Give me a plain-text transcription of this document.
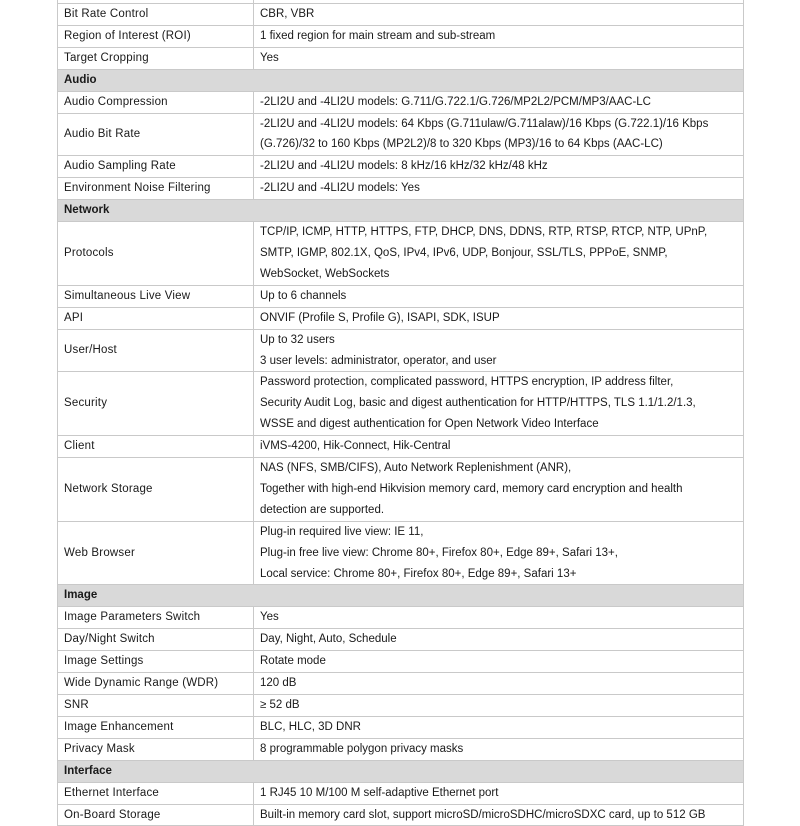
Bit Rate Control	CBR, VBR

Region of Interest (ROI)	1 fixed region for main stream and sub-stream

Target Cropping	Yes

Audio	
Audio Compression	-2LI2U and -4LI2U models: G.711/G.722.1/G.726/MP2L2/PCM/MP3/AAC-LC

Audio Bit Rate	-2LI2U and -4LI2U models: 64 Kbps (G.711ulaw/G.711alaw)/16 Kbps (G.722.1)/16 Kbps
(G.726)/32 to 160 Kbps (MP2L2)/8 to 320 Kbps (MP3)/16 to 64 Kbps (AAC-LC)

Audio Sampling Rate	-2LI2U and -4LI2U models: 8 kHz/16 kHz/32 kHz/48 kHz

Environment Noise Filtering	-2LI2U and -4LI2U models: Yes

Network	
Protocols	TCP/IP, ICMP, HTTP, HTTPS, FTP, DHCP, DNS, DDNS, RTP, RTSP, RTCP, NTP, UPnP,
SMTP, IGMP, 802.1X, QoS, IPv4, IPv6, UDP, Bonjour, SSL/TLS, PPPoE, SNMP,
WebSocket, WebSockets

Simultaneous Live View	Up to 6 channels

API	ONVIF (Profile S, Profile G), ISAPI, SDK, ISUP

User/Host	Up to 32 users
3 user levels: administrator, operator, and user

Security	Password protection, complicated password, HTTPS encryption, IP address filter,
Security Audit Log, basic and digest authentication for HTTP/HTTPS, TLS 1.1/1.2/1.3,
WSSE and digest authentication for Open Network Video Interface

Client	iVMS-4200, Hik-Connect, Hik-Central

Network Storage	NAS (NFS, SMB/CIFS), Auto Network Replenishment (ANR),
Together with high-end Hikvision memory card, memory card encryption and health
detection are supported.

Web Browser	Plug-in required live view: IE 11,
Plug-in free live view: Chrome 80+, Firefox 80+, Edge 89+, Safari 13+,
Local service: Chrome 80+, Firefox 80+, Edge 89+, Safari 13+

Image	
Image Parameters Switch	Yes

Day/Night Switch	Day, Night, Auto, Schedule

Image Settings	Rotate mode

Wide Dynamic Range (WDR)	120 dB

SNR	≥ 52 dB

Image Enhancement	BLC, HLC, 3D DNR

Privacy Mask	8 programmable polygon privacy masks

Interface	
Ethernet Interface	1 RJ45 10 M/100 M self-adaptive Ethernet port

On-Board Storage	Built-in memory card slot, support microSD/microSDHC/microSDXC card, up to 512 GB
